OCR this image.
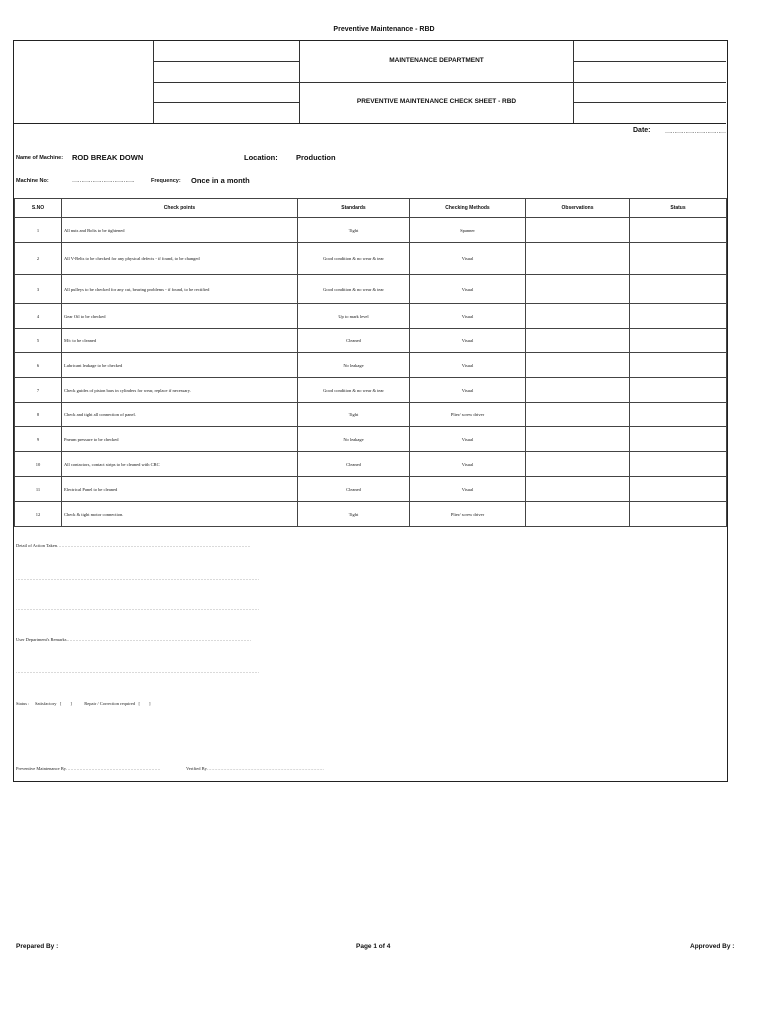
Preventive Maintenance - RBD
MAINTENANCE DEPARTMENT
PREVENTIVE MAINTENANCE CHECK SHEET - RBD
Date: ……………………………
Name of Machine: ROD BREAK DOWN	Location: Production
Machine No:	…………………………….	Frequency: Once in a month
S.NO	Check points	Standards	Checking Methods	Observations	Status
1	All nuts and Bolts to be tightened	Tight	Spanner		
2	All V-Belts to be checked for any physical defects - if found, to be changed	Good condition & no wear & tear	Visual		
3	All pulleys to be checked for any cut, bearing problems - if found, to be rectified	Good condition & no wear & tear	Visual		
4	Gear Oil to be checked	Up to mark level	Visual		
5	M/c to be cleaned	Cleaned	Visual		
6	Lubricant leakage to be checked	No leakage	Visual		
7	Check guides of piston bars in cylinders for wear, replace if necessary.	Good condition & no wear & tear	Visual		
8	Check and tight all connection of panel.	Tight	Plier/ screw driver		
9	Pneum pressure to be checked	No leakage	Visual		
10	All contactors, contact strips to be cleaned with CRC	Cleaned	Visual		
11	Electrical Panel to be cleaned	Cleaned	Visual		
12	Check & tight motor connection.	Tight	Plier/ screw driver		
Detail of Action Taken…………………………………………………………………………………………………………………
………………………………………………………………………………………………………………………………………………
………………………………………………………………………………………………………………………………………………
User Department's Remarks……………………………………………………………………………………………………………
………………………………………………………………………………………………………………………………………………
Status :     Satisfactory   [        ]           Repair / Correction required   [        ]
Preventive Maintenance By………………………………………………………	Verified By……………………………………………………………………
Prepared By :	Page 1 of 4	Approved By :
